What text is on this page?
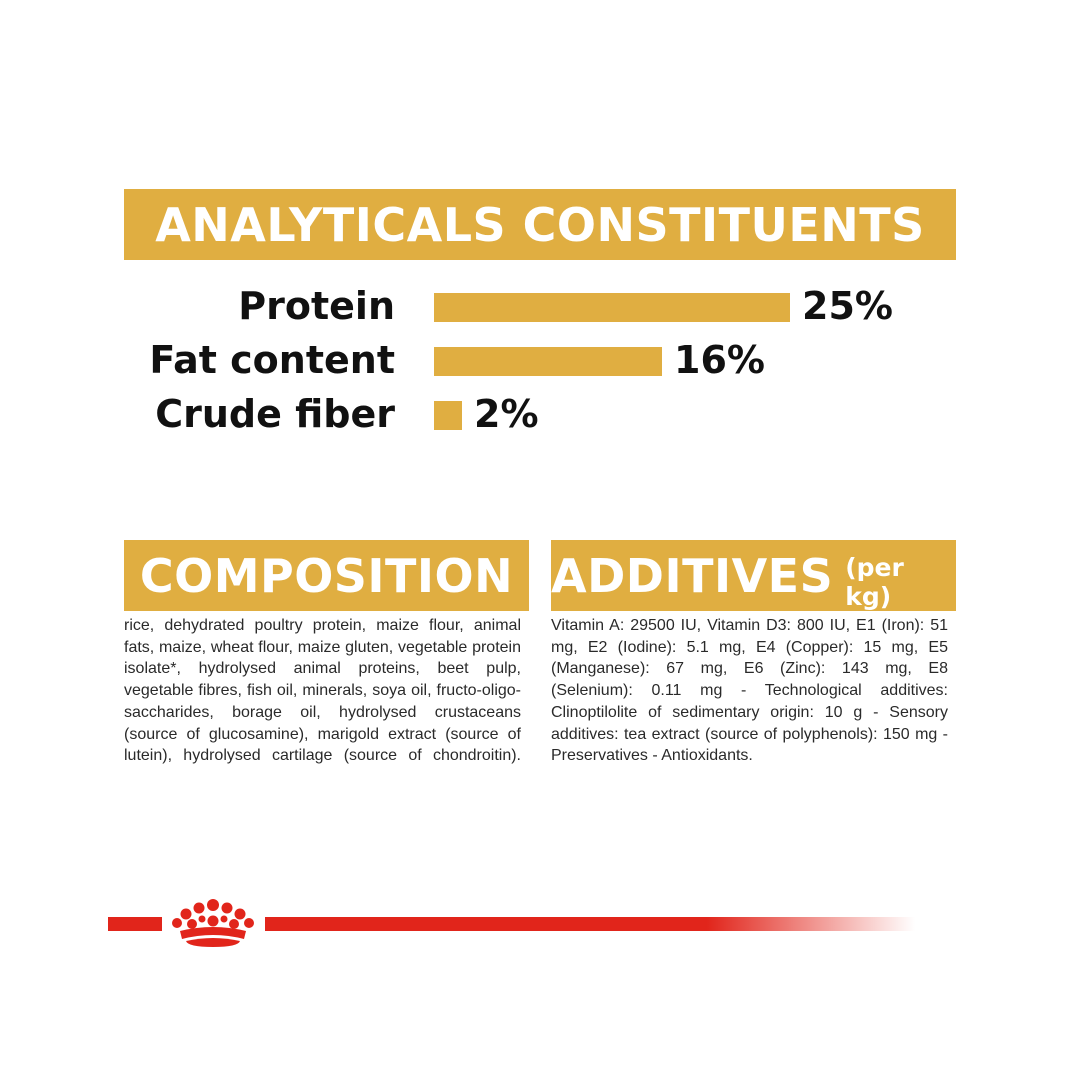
ANALYTICALS CONSTITUENTS
Protein	25%
Fat content	16%
Crude fiber 2%
COMPOSITION

rice, dehydrated poultry protein, maize flour, animal fats, maize, wheat flour, maize gluten, vegetable protein isolate*, hydrolysed animal proteins, beet pulp, vegetable fibres, fish oil, minerals, soya oil, fructo-oligo-saccharides, borage oil, hydrolysed crustaceans (source of glucosamine), marigold extract (source of lutein), hydrolysed cartilage (source of chondroitin).

ADDITIVES (per kg)

Vitamin A: 29500 IU, Vitamin D3: 800 IU, E1 (Iron): 51 mg, E2 (Iodine): 5.1 mg, E4 (Copper): 15 mg, E5 (Manganese): 67 mg, E6 (Zinc): 143 mg, E8 (Selenium): 0.11 mg - Technological additives: Clinoptilolite of sedimentary origin: 10 g - Sensory additives: tea extract (source of polyphenols): 150 mg - Preservatives - Antioxidants.
